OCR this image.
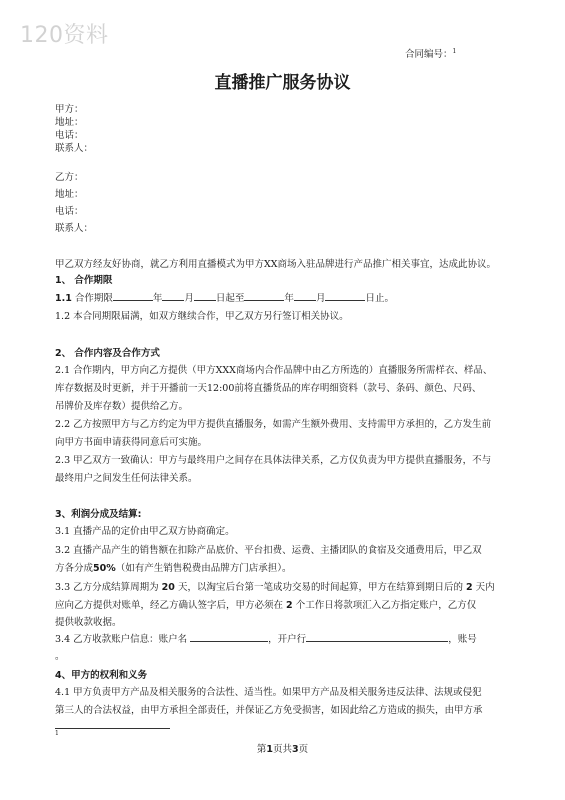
120资料
合同编号：$^1$
直播推广服务协议
甲方：
地址：
电话：
联系人：
乙方：
地址：
电话：
联系人：
甲乙双方经友好协商，就乙方利用直播模式为甲方XX商场入驻品牌进行产品推广相关事宜，达成此协议。
1、 合作期限
1.1 合作期限	年 月 日起至	年 月	日止。
1.2 本合同期限届满，如双方继续合作，甲乙双方另行签订相关协议。
2、 合作内容及合作方式
2.1 合作期内，甲方向乙方提供（甲方XXX商场内合作品牌中由乙方所选的）直播服务所需样衣、样品、
库存数据及时更新，并于开播前一天12:00前将直播货品的库存明细资料（款号、条码、颜色、尺码、
吊牌价及库存数）提供给乙方。
2.2 乙方按照甲方与乙方约定为甲方提供直播服务，如需产生额外费用、支持需甲方承担的，乙方发生前
向甲方书面申请获得同意后可实施。
2.3 甲乙双方一致确认：甲方与最终用户之间存在具体法律关系，乙方仅负责为甲方提供直播服务，不与
最终用户之间发生任何法律关系。
3、利润分成及结算:
3.1 直播产品的定价由甲乙双方协商确定。
3.2 直播产品产生的销售额在扣除产品底价、平台扣费、运费、主播团队的食宿及交通费用后，甲乙双
方各分成50%（如有产生销售税费由品牌方门店承担）。
3.3 乙方分成结算周期为 20 天，以淘宝后台第一笔成功交易的时间起算，甲方在结算到期日后的 2 天内
应向乙方提供对账单，经乙方确认签字后，甲方必须在 2 个工作日将款项汇入乙方指定账户，乙方仅
提供收款收据。
3.4 乙方收款账户信息：账户名	，开户行	，账号
。
4、甲方的权利和义务
4.1 甲方负责甲方产品及相关服务的合法性、适当性。如果甲方产品及相关服务违反法律、法规或侵犯
第三人的合法权益，由甲方承担全部责任，并保证乙方免受损害，如因此给乙方造成的损失，由甲方承
1
第1页共3页
